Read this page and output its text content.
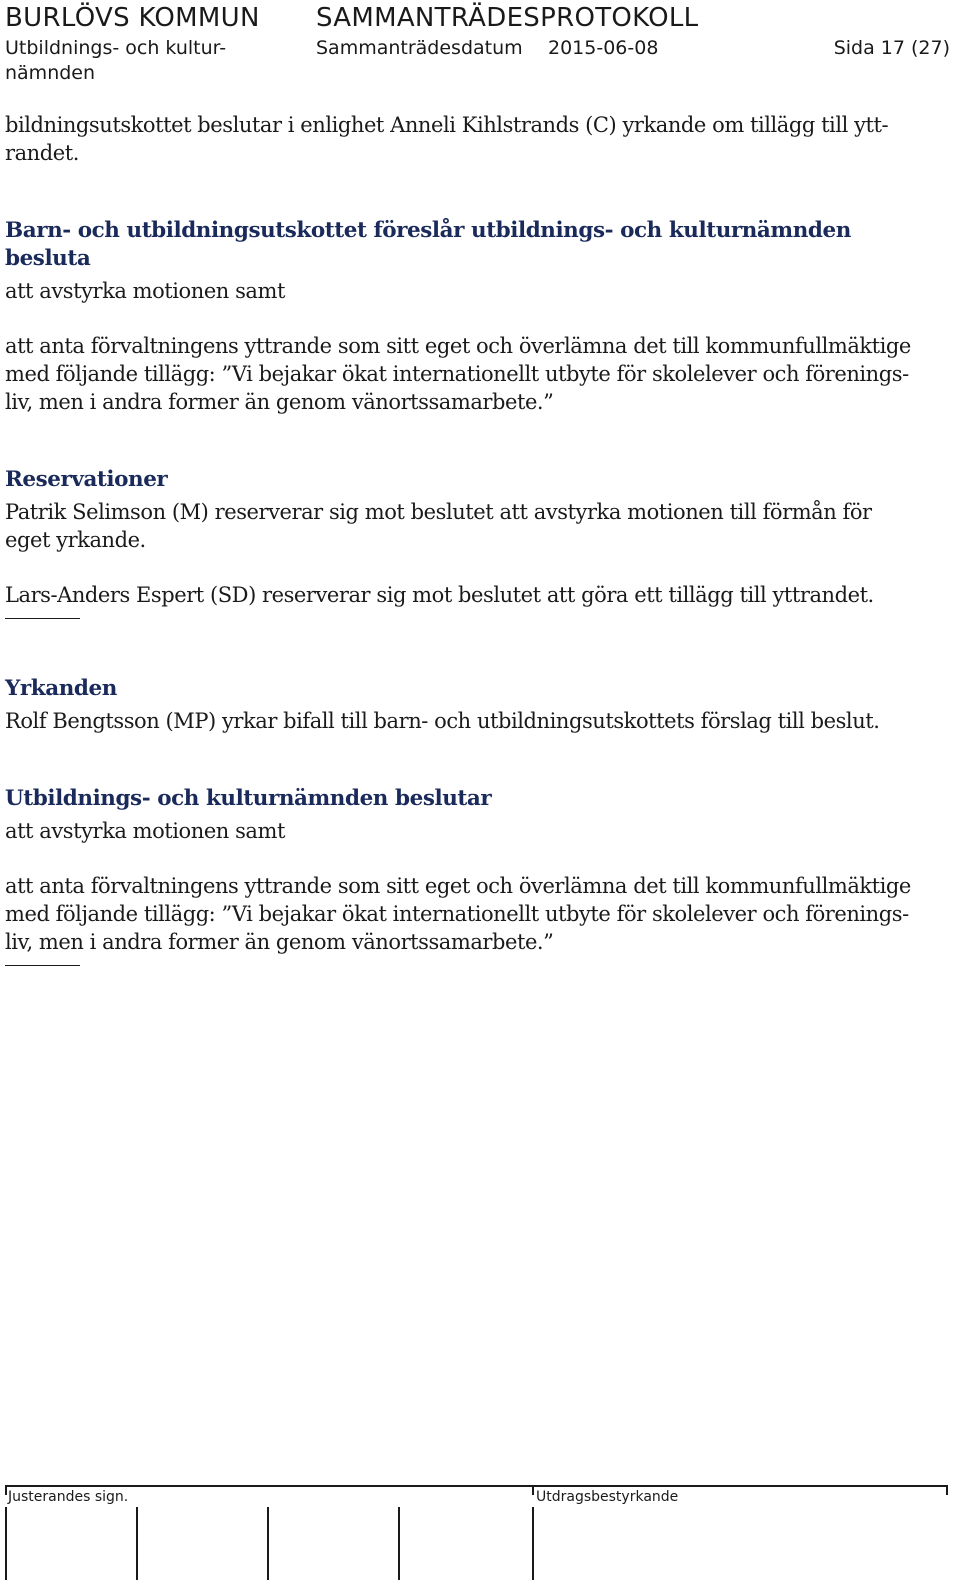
BURLÖVS KOMMUN SAMMANTRÄDESPROTOKOLL
Utbildnings- och kultur-
nämnden
Sammanträdesdatum 2015-06-08	Sida 17 (27)

bildningsutskottet beslutar i enlighet Anneli Kihlstrands (C) yrkande om tillägg till ytt-

randet.

Barn- och utbildningsutskottet föreslår utbildnings- och kulturnämnden

besluta

att avstyrka motionen samt

att anta förvaltningens yttrande som sitt eget och överlämna det till kommunfullmäktige

med följande tillägg: ”Vi bejakar ökat internationellt utbyte för skolelever och förenings-

liv, men i andra former än genom vänortssamarbete.”

Reservationer

Patrik Selimson (M) reserverar sig mot beslutet att avstyrka motionen till förmån för

eget yrkande.

Lars-Anders Espert (SD) reserverar sig mot beslutet att göra ett tillägg till yttrandet.

Yrkanden

Rolf Bengtsson (MP) yrkar bifall till barn- och utbildningsutskottets förslag till beslut.

Utbildnings- och kulturnämnden beslutar

att avstyrka motionen samt

att anta förvaltningens yttrande som sitt eget och överlämna det till kommunfullmäktige

med följande tillägg: ”Vi bejakar ökat internationellt utbyte för skolelever och förenings-

liv, men i andra former än genom vänortssamarbete.”

Justerandes sign.	Utdragsbestyrkande
